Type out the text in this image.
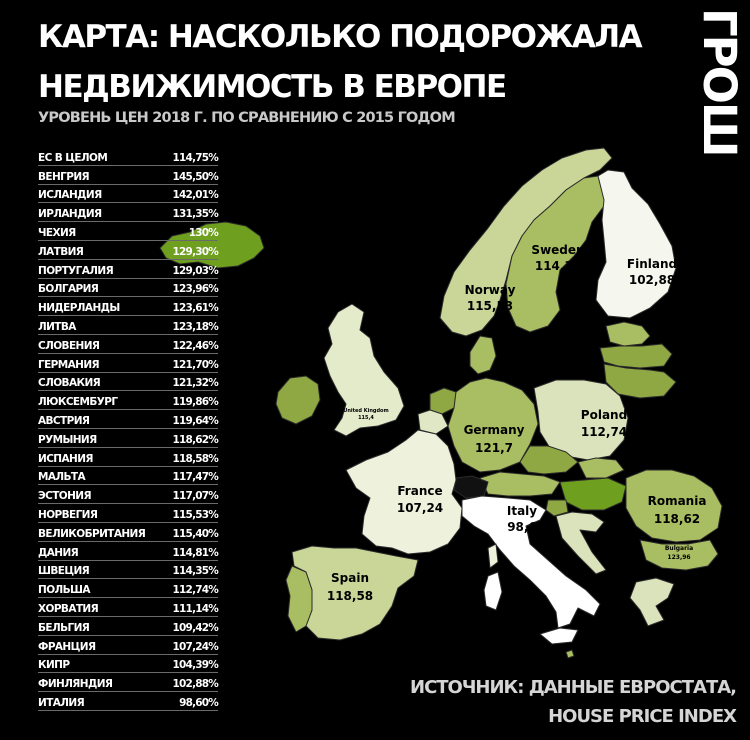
Sweden
114,35	Finland
102,88
Norway
115,53
United Kingdom
115,4
Germany
121,7
Poland
112,74
France
107,24	Italy
98,6
Romania
118,62
Bulgaria
123,96
Spain
118,58
КАРТА: НАСКОЛЬКО ПОДОРОЖАЛА
НЕДВИЖИМОСТЬ В ЕВРОПЕ
УРОВЕНЬ ЦЕН 2018 Г. ПО СРАВНЕНИЮ С 2015 ГОДОМ	ГРОШ
ЕС В ЦЕЛОМ	114,75%
ВЕНГРИЯ	145,50%
ИСЛАНДИЯ	142,01%
ИРЛАНДИЯ	131,35%
ЧЕХИЯ	130%
ЛАТВИЯ	129,30%
ПОРТУГАЛИЯ	129,03%
БОЛГАРИЯ	123,96%
НИДЕРЛАНДЫ	123,61%
ЛИТВА	123,18%
СЛОВЕНИЯ	122,46%
ГЕРМАНИЯ	121,70%
СЛОВАКИЯ	121,32%
ЛЮКСЕМБУРГ	119,86%
АВСТРИЯ	119,64%
РУМЫНИЯ	118,62%
ИСПАНИЯ	118,58%
МАЛЬТА	117,47%
ЭСТОНИЯ	117,07%
НОРВЕГИЯ	115,53%
ВЕЛИКОБРИТАНИЯ	115,40%
ДАНИЯ	114,81%
ШВЕЦИЯ	114,35%
ПОЛЬША	112,74%
ХОРВАТИЯ	111,14%
БЕЛЬГИЯ	109,42%
ФРАНЦИЯ	107,24%
КИПР	104,39%
ФИНЛЯНДИЯ	102,88%
ИТАЛИЯ	98,60%
ИСТОЧНИК: ДАННЫЕ ЕВРОСТАТА,
HOUSE PRICE INDEX
